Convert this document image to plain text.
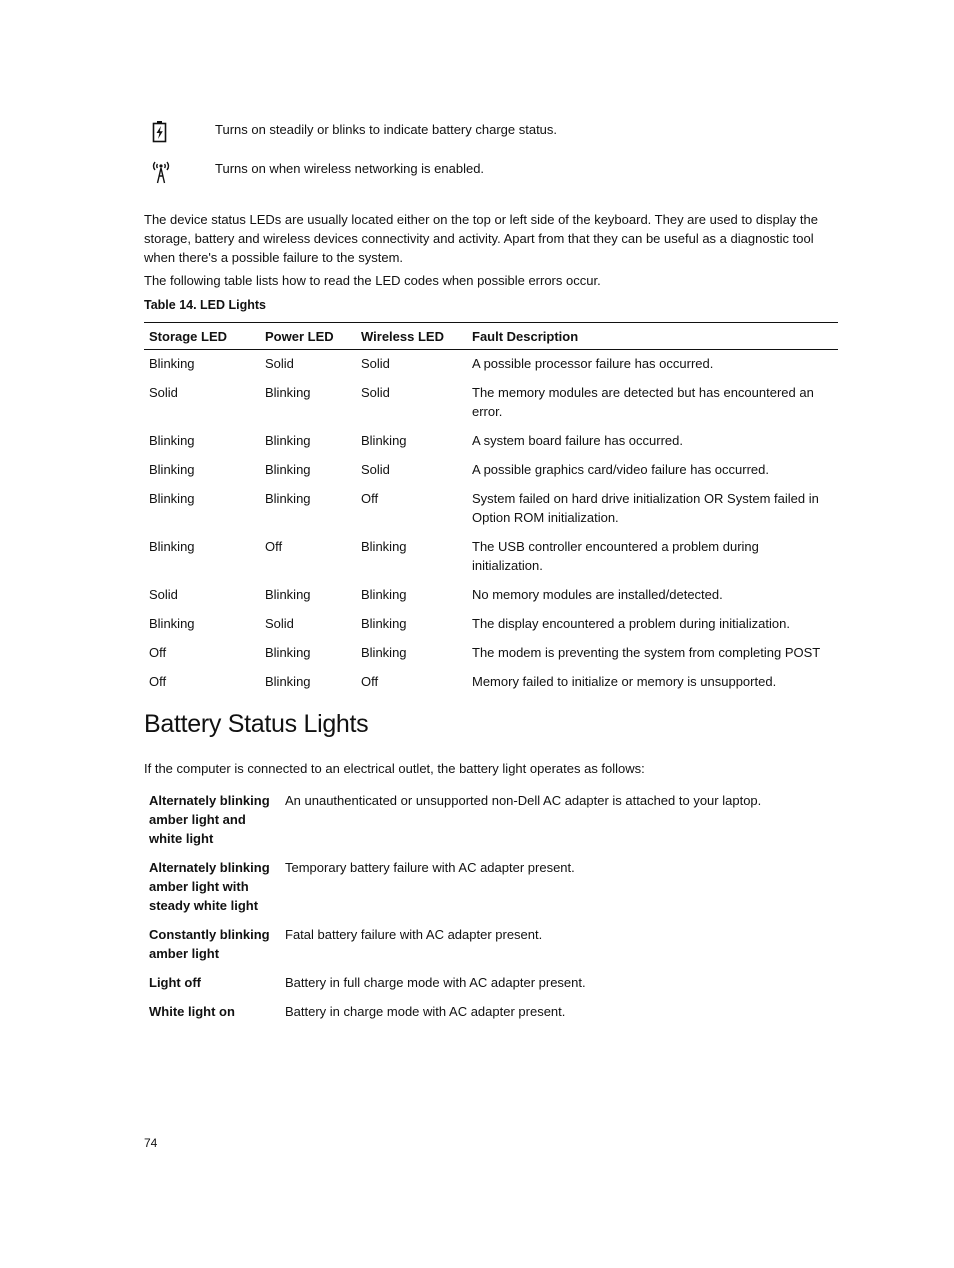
Turns on steadily or blinks to indicate battery charge status.
Turns on when wireless networking is enabled.

The device status LEDs are usually located either on the top or left side of the keyboard. They are used to display the storage, battery and wireless devices connectivity and activity. Apart from that they can be useful as a diagnostic tool when there's a possible failure to the system.

The following table lists how to read the LED codes when possible errors occur.

Table 14. LED Lights
Storage LED	Power LED	Wireless LED	Fault Description
Blinking	Solid	Solid	A possible processor failure has occurred.
Solid	Blinking	Solid	The memory modules are detected but has encountered an error.
Blinking	Blinking	Blinking	A system board failure has occurred.
Blinking	Blinking	Solid	A possible graphics card/video failure has occurred.
Blinking	Blinking	Off	System failed on hard drive initialization OR System failed in Option ROM initialization.
Blinking	Off	Blinking	The USB controller encountered a problem during initialization.
Solid	Blinking	Blinking	No memory modules are installed/detected.
Blinking	Solid	Blinking	The display encountered a problem during initialization.
Off	Blinking	Blinking	The modem is preventing the system from completing POST
Off	Blinking	Off	Memory failed to initialize or memory is unsupported.
Battery Status Lights

If the computer is connected to an electrical outlet, the battery light operates as follows:

Alternately blinking amber light and white light	An unauthenticated or unsupported non-Dell AC adapter is attached to your laptop.
Alternately blinking amber light with steady white light	Temporary battery failure with AC adapter present.
Constantly blinking amber light	Fatal battery failure with AC adapter present.
Light off	Battery in full charge mode with AC adapter present.
White light on	Battery in charge mode with AC adapter present.
74
